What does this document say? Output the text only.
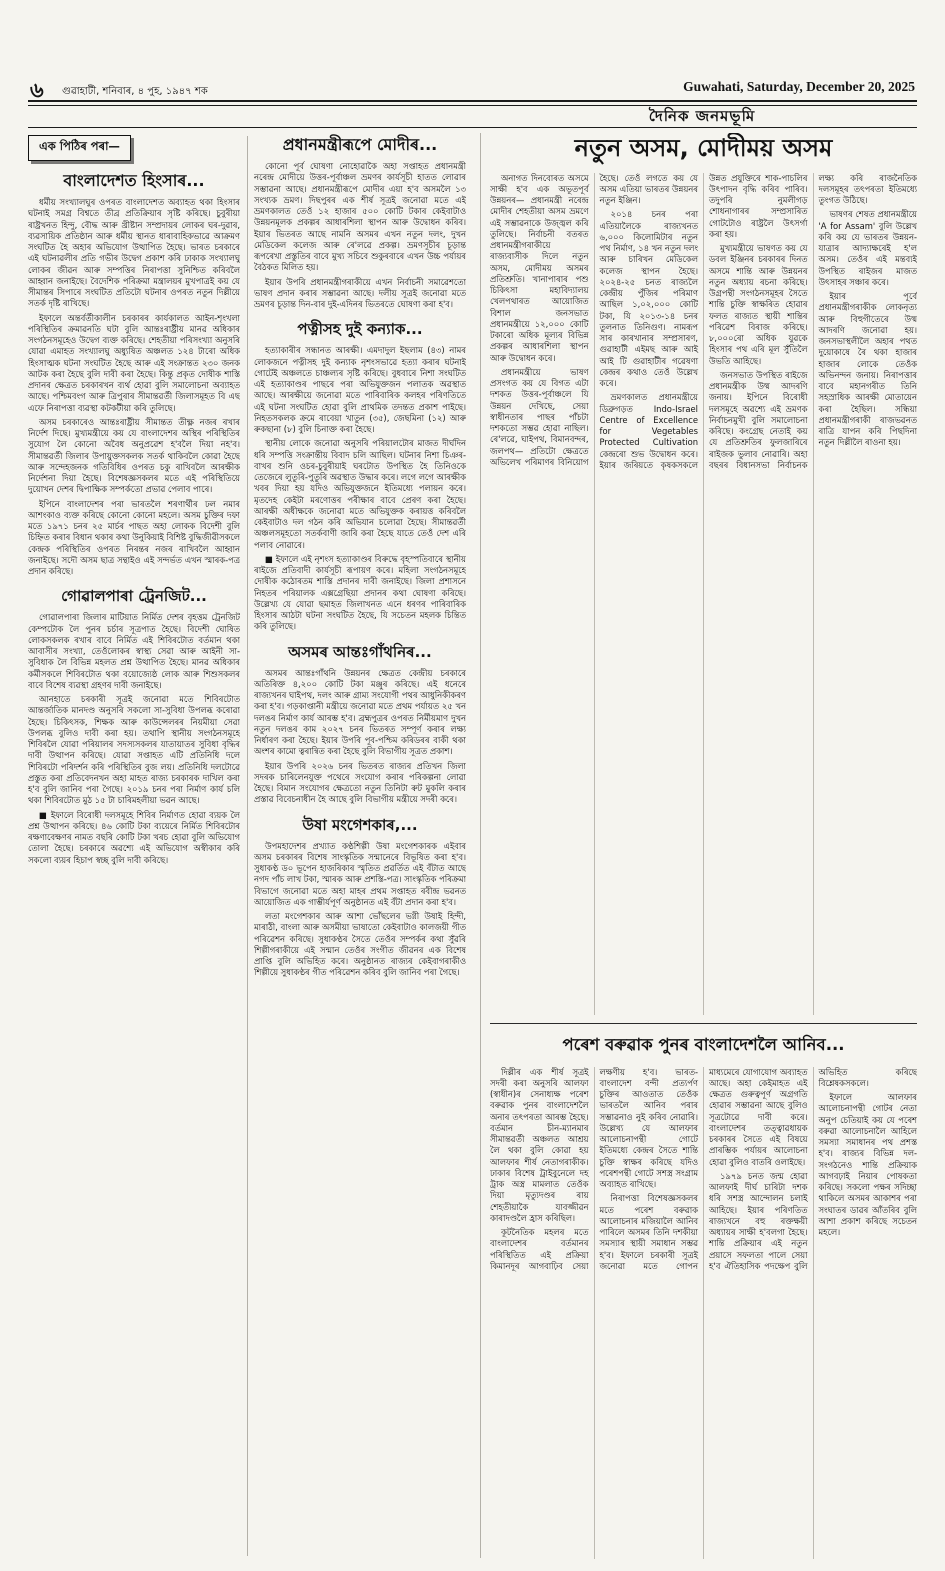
৬ গুৱাহাটী, শনিবাৰ, ৪ পুহ, ১৯৪৭ শক	Guwahati, Saturday, December 20, 2025
দৈনিক জনমভূমি
এক পিঠিৰ পৰা—
বাংলাদেশত হিংসাৰ...

ধৰ্মীয় সংখ্যালঘুৰ ওপৰত বাংলাদেশত অব্যাহত থকা হিংসাৰ ঘটনাই সমগ্ৰ বিশ্বতে তীব্ৰ প্ৰতিক্ৰিয়াৰ সৃষ্টি কৰিছে। চুবুৰীয়া ৰাষ্ট্ৰখনত হিন্দু, বৌদ্ধ আৰু খ্ৰীষ্টান সম্প্ৰদায়ৰ লোকৰ ঘৰ-দুৱাৰ, ব্যৱসায়িক প্ৰতিষ্ঠান আৰু ধৰ্মীয় স্থানত ধাৰাবাহিকভাৱে আক্ৰমণ সংঘটিত হৈ অহাৰ অভিযোগ উত্থাপিত হৈছে। ভাৰত চৰকাৰে এই ঘটনাৱলীৰ প্ৰতি গভীৰ উদ্বেগ প্ৰকাশ কৰি ঢাকাক সংখ্যালঘু লোকৰ জীৱন আৰু সম্পত্তিৰ নিৰাপত্তা সুনিশ্চিত কৰিবলৈ আহ্বান জনাইছে। বৈদেশিক পৰিক্ৰমা মন্ত্ৰালয়ৰ মুখপাত্ৰই কয় যে সীমান্তৰ সিপাৰে সংঘটিত প্ৰতিটো ঘটনাৰ ওপৰত নতুন দিল্লীয়ে সতৰ্ক দৃষ্টি ৰাখিছে।

ইফালে অন্তৰ্বৰ্তীকালীন চৰকাৰৰ কাৰ্যকালত আইন-শৃংখলা পৰিস্থিতিৰ ক্ৰমাৱনতি ঘটা বুলি আন্তঃৰাষ্ট্ৰীয় মানৱ অধিকাৰ সংগঠনসমূহেও উদ্বেগ ব্যক্ত কৰিছে। শেহতীয়া পৰিসংখ্যা অনুসৰি যোৱা এমাহত সংখ্যালঘু অধ্যুষিত অঞ্চলত ১২৪ টাৰো অধিক হিংসাত্মক ঘটনা সংঘটিত হৈছে আৰু এই সংক্ৰান্তত ২৩০ জনক আটক কৰা হৈছে বুলি দাবী কৰা হৈছে। কিন্তু প্ৰকৃত দোষীক শাস্তি প্ৰদানৰ ক্ষেত্ৰত চৰকাৰখন ব্যৰ্থ হোৱা বুলি সমালোচনা অব্যাহত আছে। পশ্চিমবংগ আৰু ত্ৰিপুৰাৰ সীমান্তৱৰ্তী জিলাসমূহত বি এছ এফে নিৰাপত্তা ব্যৱস্থা কটকটীয়া কৰি তুলিছে।

অসম চৰকাৰেও আন্তঃৰাষ্ট্ৰীয় সীমান্তত তীক্ষ্ণ নজৰ ৰখাৰ নিৰ্দেশ দিছে। মুখ্যমন্ত্ৰীয়ে কয় যে বাংলাদেশৰ অস্থিৰ পৰিস্থিতিৰ সুযোগ লৈ কোনো অবৈধ অনুপ্ৰৱেশ হ'বলৈ দিয়া নহ'ব। সীমান্তৱৰ্তী জিলাৰ উপায়ুক্তসকলক সতৰ্ক থাকিবলৈ কোৱা হৈছে আৰু সন্দেহজনক গতিবিধিৰ ওপৰত চকু ৰাখিবলৈ আৰক্ষীক নিৰ্দেশনা দিয়া হৈছে। বিশেষজ্ঞসকলৰ মতে এই পৰিস্থিতিয়ে দুয়োখন দেশৰ দ্বিপাক্ষিক সম্পৰ্কতো প্ৰভাৱ পেলাব পাৰে।

ইপিনে বাংলাদেশৰ পৰা ভাৰতলৈ শৰণাৰ্থীৰ ঢল নমাৰ আশংকাও ব্যক্ত কৰিছে কোনো কোনো মহলে। অসম চুক্তিৰ দফা মতে ১৯৭১ চনৰ ২৫ মাৰ্চৰ পাছত অহা লোকক বিদেশী বুলি চিহ্নিত কৰাৰ বিধান থকাৰ কথা উনুকিয়াই বিশিষ্ট বুদ্ধিজীৱীসকলে কেন্দ্ৰক পৰিস্থিতিৰ ওপৰত নিৰন্তৰ নজৰ ৰাখিবলৈ আহ্বান জনাইছে। সদৌ অসম ছাত্ৰ সন্থাইও এই সন্দৰ্ভত এখন স্মাৰক-পত্ৰ প্ৰদান কৰিছে।

গোৱালপাৰা ট্ৰেনজিট...

গোৱালপাৰা জিলাৰ মাটিয়াত নিৰ্মিত দেশৰ বৃহত্তম ট্ৰেনজিট কেম্পটোক লৈ পুনৰ চৰ্চাৰ সূত্ৰপাত হৈছে। বিদেশী ঘোষিত লোকসকলক ৰখাৰ বাবে নিৰ্মিত এই শিবিৰটোত বৰ্তমান থকা আবাসীৰ সংখ্যা, তেওঁলোকৰ স্বাস্থ্য সেৱা আৰু আইনী সা-সুবিধাক লৈ বিভিন্ন মহলত প্ৰশ্ন উত্থাপিত হৈছে। মানৱ অধিকাৰ কৰ্মীসকলে শিবিৰটোত থকা বয়োজ্যেষ্ঠ লোক আৰু শিশুসকলৰ বাবে বিশেষ ব্যৱস্থা গ্ৰহণৰ দাবী জনাইছে।

আনহাতে চৰকাৰী সূত্ৰই জনোৱা মতে শিবিৰটোত আন্তৰ্জাতিক মানদণ্ড অনুসৰি সকলো সা-সুবিধা উপলব্ধ কৰোৱা হৈছে। চিকিৎসক, শিক্ষক আৰু কাউন্সেলৰৰ নিয়মীয়া সেৱা উপলব্ধ বুলিও দাবী কৰা হয়। তথাপি স্থানীয় সংগঠনসমূহে শিবিৰলৈ যোৱা পৰিয়ালৰ সদস্যসকলৰ যাতায়াতৰ সুবিধা বৃদ্ধিৰ দাবী উত্থাপন কৰিছে। যোৱা সপ্তাহত এটি প্ৰতিনিধি দলে শিবিৰটো পৰিদৰ্শন কৰি পৰিস্থিতিৰ বুজ লয়। প্ৰতিনিধি দলটোৱে প্ৰস্তুত কৰা প্ৰতিবেদনখন অহা মাহত ৰাজ্য চৰকাৰক দাখিল কৰা হ'ব বুলি জানিব পৰা গৈছে। ২০১৯ চনৰ পৰা নিৰ্মাণ কাৰ্য চলি থকা শিবিৰটোত মুঠ ১৫ টা চাৰিমহলীয়া ভৱন আছে।

■ ইফালে বিৰোধী দলসমূহে শিবিৰ নিৰ্মাণত হোৱা ব্যয়ক লৈ প্ৰশ্ন উত্থাপন কৰিছে। ৪৬ কোটি টকা ব্যয়েৰে নিৰ্মিত শিবিৰটোৰ ৰক্ষণাবেক্ষণৰ নামত বছৰি কোটি টকা খৰচ হোৱা বুলি অভিযোগ তোলা হৈছে। চৰকাৰে অৱশ্যে এই অভিযোগ অস্বীকাৰ কৰি সকলো ব্যয়ৰ হিচাপ স্বচ্ছ বুলি দাবী কৰিছে।

প্ৰধানমন্ত্ৰীৰূপে মোদীৰ...

কোনো পূৰ্ব ঘোষণা নোহোৱাকৈ অহা সপ্তাহত প্ৰধানমন্ত্ৰী নৰেন্দ্ৰ মোদীয়ে উত্তৰ-পূৰ্বাঞ্চল ভ্ৰমণৰ কাৰ্যসূচী হাতত লোৱাৰ সম্ভাৱনা আছে। প্ৰধানমন্ত্ৰীৰূপে মোদীৰ এয়া হ'ব অসমলৈ ১৩ সংখ্যক ভ্ৰমণ। দিছপুৰৰ এক শীৰ্ষ সূত্ৰই জনোৱা মতে এই ভ্ৰমণকালত তেওঁ ১২ হাজাৰ ৫০০ কোটি টকাৰ কেইবাটাও উন্নয়নমূলক প্ৰকল্পৰ আধাৰশিলা স্থাপন আৰু উদ্বোধন কৰিব। ইয়াৰ ভিতৰত আছে নামনি অসমৰ এখন নতুন দলং, দুখন মেডিকেল কলেজ আৰু ৰে'লৱে প্ৰকল্প। ভ্ৰমণসূচীৰ চূড়ান্ত ৰূপৰেখা প্ৰস্তুতিৰ বাবে মুখ্য সচিবে শুকুৰবাৰে এখন উচ্চ পৰ্যায়ৰ বৈঠকত মিলিত হয়।

ইয়াৰ উপৰি প্ৰধানমন্ত্ৰীগৰাকীয়ে এখন নিৰ্বাচনী সমাৱেশতো ভাষণ প্ৰদান কৰাৰ সম্ভাৱনা আছে। দলীয় সূত্ৰই জনোৱা মতে ভ্ৰমণৰ চূড়ান্ত দিন-বাৰ দুই-এদিনৰ ভিতৰতে ঘোষণা কৰা হ'ব।

পত্নীসহ দুই কন্যাক...

হত্যাকাৰীৰ সন্ধানত আৰক্ষী। এমদাদুল ইছলাম (৪৩) নামৰ লোকজনে পত্নীসহ দুই কন্যাক নৃশংসভাৱে হত্যা কৰাৰ ঘটনাই গোটেই অঞ্চলতে চাঞ্চল্যৰ সৃষ্টি কৰিছে। বুধবাৰে নিশা সংঘটিত এই হত্যাকাণ্ডৰ পাছৰে পৰা অভিযুক্তজন পলাতক অৱস্থাত আছে। আৰক্ষীয়ে জনোৱা মতে পাৰিবাৰিক কলহৰ পৰিণতিতে এই ঘটনা সংঘটিত হোৱা বুলি প্ৰাথমিক তদন্তত প্ৰকাশ পাইছে। নিহতসকলক ক্ৰমে ৰাবেয়া খাতুন (৩৫), জেছমিনা (১২) আৰু ৰুকছানা (৮) বুলি চিনাক্ত কৰা হৈছে।

স্থানীয় লোকে জনোৱা অনুসৰি পৰিয়ালটোৰ মাজত দীৰ্ঘদিন ধৰি সম্পত্তি সংক্ৰান্তীয় বিবাদ চলি আছিল। ঘটনাৰ নিশা চিঞৰ-বাখৰ শুনি ওচৰ-চুবুৰীয়াই ঘৰটোত উপস্থিত হৈ তিনিওকে তেজেৰে লুতুৰি-পুতুৰি অৱস্থাত উদ্ধাৰ কৰে। লগে লগে আৰক্ষীক খবৰ দিয়া হয় যদিও অভিযুক্তজনে ইতিমধ্যে পলায়ন কৰে। মৃতদেহ কেইটা মৰণোত্তৰ পৰীক্ষাৰ বাবে প্ৰেৰণ কৰা হৈছে। আৰক্ষী অধীক্ষকে জনোৱা মতে অভিযুক্তক কৰায়ত্ত কৰিবলৈ কেইবাটাও দল গঠন কৰি অভিযান চলোৱা হৈছে। সীমান্তৱৰ্তী অঞ্চলসমূহতো সতৰ্কবাণী জাৰি কৰা হৈছে যাতে তেওঁ দেশ এৰি পলাব নোৱাৰে।

■ ইফালে এই নৃশংস হত্যাকাণ্ডৰ বিৰুদ্ধে বৃহস্পতিবাৰে স্থানীয় ৰাইজে প্ৰতিবাদী কাৰ্যসূচী ৰূপায়ণ কৰে। মহিলা সংগঠনসমূহে দোষীক কঠোৰতম শাস্তি প্ৰদানৰ দাবী জনাইছে। জিলা প্ৰশাসনে নিহতৰ পৰিয়ালক এক্সগ্ৰেছিয়া প্ৰদানৰ কথা ঘোষণা কৰিছে। উল্লেখ্য যে যোৱা ছমাহত জিলাখনত এনে ধৰণৰ পাৰিবাৰিক হিংসাৰ আঠটা ঘটনা সংঘটিত হৈছে, যি সচেতন মহলক চিন্তিত কৰি তুলিছে।

অসমৰ আন্তঃগাঁথনিৰ...

অসমৰ আন্তঃগাঁথনি উন্নয়নৰ ক্ষেত্ৰত কেন্দ্ৰীয় চৰকাৰে অতিৰিক্ত ৪,২০০ কোটি টকা মঞ্জুৰ কৰিছে। এই ধনেৰে ৰাজ্যখনৰ ঘাইপথ, দলং আৰু গ্ৰাম্য সংযোগী পথৰ আধুনিকীকৰণ কৰা হ'ব। গড়কাপ্তানী মন্ত্ৰীয়ে জনোৱা মতে প্ৰথম পৰ্যায়ত ২৫ খন দলঙৰ নিৰ্মাণ কাৰ্য আৰম্ভ হ'ব। ব্ৰহ্মপুত্ৰৰ ওপৰত নিৰ্মীয়মাণ দুখন নতুন দলঙৰ কাম ২০২৭ চনৰ ভিতৰত সম্পূৰ্ণ কৰাৰ লক্ষ্য নিৰ্ধাৰণ কৰা হৈছে। ইয়াৰ উপৰি পূব-পশ্চিম কৰিডৰৰ বাকী থকা অংশৰ কামো ত্বৰান্বিত কৰা হৈছে বুলি বিভাগীয় সূত্ৰত প্ৰকাশ।

ইয়াৰ উপৰি ২০২৬ চনৰ ভিতৰত ৰাজ্যৰ প্ৰতিখন জিলা সদৰক চাৰিলেনযুক্ত পথেৰে সংযোগ কৰাৰ পৰিকল্পনা লোৱা হৈছে। বিমান সংযোগৰ ক্ষেত্ৰতো নতুন তিনিটা ৰুট মুকলি কৰাৰ প্ৰস্তাৱ বিবেচনাধীন হৈ আছে বুলি বিভাগীয় মন্ত্ৰীয়ে সদৰী কৰে।

উষা মংগেশকাৰ,...

উপমহাদেশৰ প্ৰখ্যাত কণ্ঠশিল্পী উষা মংগেশকাৰক এইবাৰ অসম চৰকাৰৰ বিশেষ সাংস্কৃতিক সন্মানেৰে বিভূষিত কৰা হ'ব। সুধাকণ্ঠ ড০ ভূপেন হাজৰিকাৰ স্মৃতিত প্ৰৱৰ্তিত এই বঁটাত আছে নগদ পাঁচ লাখ টকা, স্মাৰক আৰু প্ৰশস্তি-পত্ৰ। সাংস্কৃতিক পৰিক্ৰমা বিভাগে জনোৱা মতে অহা মাহৰ প্ৰথম সপ্তাহত ৰবীন্দ্ৰ ভৱনত আয়োজিত এক গাম্ভীৰ্যপূৰ্ণ অনুষ্ঠানত এই বঁটা প্ৰদান কৰা হ'ব।

লতা মংগেশকাৰ আৰু আশা ভোঁছলেৰ ভগ্নী উষাই হিন্দী, মাৰাঠী, বাংলা আৰু অসমীয়া ভাষাতো কেইবাটাও কালজয়ী গীত পৰিৱেশন কৰিছে। সুধাকণ্ঠৰ সৈতে তেওঁৰ সম্পৰ্কৰ কথা সুঁৱৰি শিল্পীগৰাকীয়ে এই সন্মান তেওঁৰ সংগীত জীৱনৰ এক বিশেষ প্ৰাপ্তি বুলি অভিহিত কৰে। অনুষ্ঠানত ৰাজ্যৰ কেইবাগৰাকীও শিল্পীয়ে সুধাকণ্ঠৰ গীত পৰিৱেশন কৰিব বুলি জানিব পৰা গৈছে।

নতুন অসম, মোদীময় অসম

অনাগত দিনবোৰত অসমে সাক্ষী হ'ব এক অভূতপূৰ্ব উন্নয়নৰ— প্ৰধানমন্ত্ৰী নৰেন্দ্ৰ মোদীৰ শেহতীয়া অসম ভ্ৰমণে এই সম্ভাৱনাকে উজ্জ্বল কৰি তুলিছে। নিৰ্বাচনী বতৰত প্ৰধানমন্ত্ৰীগৰাকীয়ে ৰাজ্যবাসীক দিলে নতুন অসম, মোদীময় অসমৰ প্ৰতিশ্ৰুতি। খানাপাৰাৰ পশু চিকিৎসা মহাবিদ্যালয় খেলপথাৰত আয়োজিত বিশাল জনসভাত প্ৰধানমন্ত্ৰীয়ে ১২,০০০ কোটি টকাৰো অধিক মূল্যৰ বিভিন্ন প্ৰকল্পৰ আধাৰশিলা স্থাপন আৰু উদ্বোধন কৰে।

প্ৰধানমন্ত্ৰীয়ে ভাষণ প্ৰসংগত কয় যে বিগত এটা দশকত উত্তৰ-পূৰ্বাঞ্চলে যি উন্নয়ন দেখিছে, সেয়া স্বাধীনতাৰ পাছৰ পাঁচটা দশকতো সম্ভৱ হোৱা নাছিল। ৰে'লৱে, ঘাইপথ, বিমানবন্দৰ, জলপথ— প্ৰতিটো ক্ষেত্ৰতে অভিলেখ পৰিমাণৰ বিনিয়োগ হৈছে। তেওঁ লগতে কয় যে অসম এতিয়া ভাৰতৰ উন্নয়নৰ নতুন ইঞ্জিন।

২০১৪ চনৰ পৰা এতিয়ালৈকে ৰাজ্যখনত ৬,০০০ কিলোমিটাৰ নতুন পথ নিৰ্মাণ, ১৪ খন নতুন দলং আৰু চাৰিখন মেডিকেল কলেজ স্থাপন হৈছে। ২০২৪-২৫ চনত ৰাজ্যলৈ কেন্দ্ৰীয় পুঁজিৰ পৰিমাণ আছিল ১,০২,০০০ কোটি টকা, যি ২০১৩-১৪ চনৰ তুলনাত তিনিগুণ। নামৰূপ সাৰ কাৰখানাৰ সম্প্ৰসাৰণ, গুৱাহাটী এইমছ আৰু আই আই টি গুৱাহাটীৰ গৱেষণা কেন্দ্ৰৰ কথাও তেওঁ উল্লেখ কৰে।

ভ্ৰমণকালত প্ৰধানমন্ত্ৰীয়ে ডিব্ৰুগড়ত Indo-Israel Centre of Excellence for Vegetables Protected Cultivation কেন্দ্ৰৰো শুভ উদ্বোধন কৰে। ইয়াৰ জৰিয়তে কৃষকসকলে উন্নত প্ৰযুক্তিৰে শাক-পাচলিৰ উৎপাদন বৃদ্ধি কৰিব পাৰিব। তদুপৰি নুমলীগড় শোধনাগাৰৰ সম্প্ৰসাৰিত গোটটোও ৰাষ্ট্ৰলৈ উৎসৰ্গা কৰা হয়।

মুখ্যমন্ত্ৰীয়ে ভাষণত কয় যে ডবল ইঞ্জিনৰ চৰকাৰৰ দিনত অসমে শান্তি আৰু উন্নয়নৰ নতুন অধ্যায় ৰচনা কৰিছে। উগ্ৰপন্থী সংগঠনসমূহৰ সৈতে শান্তি চুক্তি স্বাক্ষৰিত হোৱাৰ ফলত ৰাজ্যত স্থায়ী শান্তিৰ পৰিৱেশ বিৰাজ কৰিছে। ৮,০০০ৰো অধিক যুৱকে হিংসাৰ পথ এৰি মূল সুঁতিলৈ উভতি আহিছে।

জনসভাত উপস্থিত ৰাইজে প্ৰধানমন্ত্ৰীক উষ্ম আদৰণি জনায়। ইপিনে বিৰোধী দলসমূহে অৱশ্যে এই ভ্ৰমণক নিৰ্বাচনমুখী বুলি সমালোচনা কৰিছে। কংগ্ৰেছ নেতাই কয় যে প্ৰতিশ্ৰুতিৰ ফুলজাৰিৰে ৰাইজক ভুলাব নোৱাৰি। অহা বছৰৰ বিধানসভা নিৰ্বাচনক লক্ষ্য কৰি ৰাজনৈতিক দলসমূহৰ তৎপৰতা ইতিমধ্যে তুংগত উঠিছে।

ভাষণৰ শেষত প্ৰধানমন্ত্ৰীয়ে 'A for Assam' বুলি উল্লেখ কৰি কয় যে ভাৰতৰ উন্নয়ন-যাত্ৰাৰ আদ্যাক্ষৰেই হ'ল অসম। তেওঁৰ এই মন্তব্যই উপস্থিত ৰাইজৰ মাজত উৎসাহৰ সঞ্চাৰ কৰে।

ইয়াৰ পূৰ্বে প্ৰধানমন্ত্ৰীগৰাকীক লোকনৃত্য আৰু বিহুগীতেৰে উষ্ম আদৰণি জনোৱা হয়। জনসভাস্থলীলৈ অহাৰ পথত দুয়োকাষে ৰৈ থকা হাজাৰ হাজাৰ লোকে তেওঁক অভিনন্দন জনায়। নিৰাপত্তাৰ বাবে মহানগৰীত তিনি সহস্ৰাধিক আৰক্ষী মোতায়েন কৰা হৈছিল। সন্ধিয়া প্ৰধানমন্ত্ৰীগৰাকী ৰাজভৱনত ৰাত্ৰি যাপন কৰি পিছদিনা নতুন দিল্লীলৈ ৰাওনা হয়।

পৰেশ বৰুৱাক পুনৰ বাংলাদেশলৈ আনিব...

দিল্লীৰ এক শীৰ্ষ সূত্ৰই সদৰী কৰা অনুসৰি আলফা (স্বাধীন)ৰ সেনাধ্যক্ষ পৰেশ বৰুৱাক পুনৰ বাংলাদেশলৈ অনাৰ তৎপৰতা আৰম্ভ হৈছে। বৰ্তমান চীন-ম্যানমাৰ সীমান্তৱৰ্তী অঞ্চলত আশ্ৰয় লৈ থকা বুলি কোৱা হয় আলফাৰ শীৰ্ষ নেতাগৰাকীক। ঢাকাৰ বিশেষ ট্ৰাইবুনেলে দহ ট্ৰাক অস্ত্ৰ মামলাত তেওঁক দিয়া মৃত্যুদণ্ডৰ ৰায় শেহতীয়াকৈ যাবজ্জীৱন কাৰাদণ্ডলৈ হ্ৰাস কৰিছিল।

কূটনৈতিক মহলৰ মতে বাংলাদেশৰ বৰ্তমানৰ পৰিস্থিতিত এই প্ৰক্ৰিয়া কিমানদূৰ আগবাঢ়িব সেয়া লক্ষণীয় হ'ব। ভাৰত-বাংলাদেশ বন্দী প্ৰত্যৰ্পণ চুক্তিৰ আওতাত তেওঁক ভাৰতলৈ আনিব পৰাৰ সম্ভাৱনাও নুই কৰিব নোৱাৰি। উল্লেখ্য যে আলফাৰ আলোচনাপন্থী গোটে ইতিমধ্যে কেন্দ্ৰৰ সৈতে শান্তি চুক্তি স্বাক্ষৰ কৰিছে যদিও পৰেশপন্থী গোটে সশস্ত্ৰ সংগ্ৰাম অব্যাহত ৰাখিছে।

নিৰাপত্তা বিশেষজ্ঞসকলৰ মতে পৰেশ বৰুৱাক আলোচনাৰ মজিয়ালৈ আনিব পাৰিলে অসমৰ তিনি দশকীয়া সমস্যাৰ স্থায়ী সমাধান সম্ভৱ হ'ব। ইফালে চৰকাৰী সূত্ৰই জনোৱা মতে গোপন মাধ্যমেৰে যোগাযোগ অব্যাহত আছে। অহা কেইমাহত এই ক্ষেত্ৰত গুৰুত্বপূৰ্ণ অগ্ৰগতি হোৱাৰ সম্ভাৱনা আছে বুলিও সূত্ৰটোৱে দাবী কৰে। বাংলাদেশৰ তত্ত্বাৱধায়ক চৰকাৰৰ সৈতে এই বিষয়ে প্ৰাৰম্ভিক পৰ্যায়ৰ আলোচনা হোৱা বুলিও বাতৰি ওলাইছে।

১৯৭৯ চনত জন্ম হোৱা আলফাই দীৰ্ঘ চাৰিটা দশক ধৰি সশস্ত্ৰ আন্দোলন চলাই আহিছে। ইয়াৰ পৰিণতিত ৰাজ্যখনে বহু ৰক্তক্ষয়ী অধ্যায়ৰ সাক্ষী হ'বলগা হৈছে। শান্তি প্ৰক্ৰিয়াৰ এই নতুন প্ৰয়াসে সফলতা পালে সেয়া হ'ব ঐতিহাসিক পদক্ষেপ বুলি অভিহিত কৰিছে বিশ্লেষকসকলে।

ইফালে আলফাৰ আলোচনাপন্থী গোটৰ নেতা অনুপ চেতিয়াই কয় যে পৰেশ বৰুৱা আলোচনালৈ আহিলে সমস্যা সমাধানৰ পথ প্ৰশস্ত হ'ব। ৰাজ্যৰ বিভিন্ন দল-সংগঠনেও শান্তি প্ৰক্ৰিয়াক আগবঢ়াই নিয়াৰ পোষকতা কৰিছে। সকলো পক্ষৰ সদিচ্ছা থাকিলে অসমৰ আকাশৰ পৰা সংঘাতৰ ডাৱৰ আঁতৰিব বুলি আশা প্ৰকাশ কৰিছে সচেতন মহলে।
